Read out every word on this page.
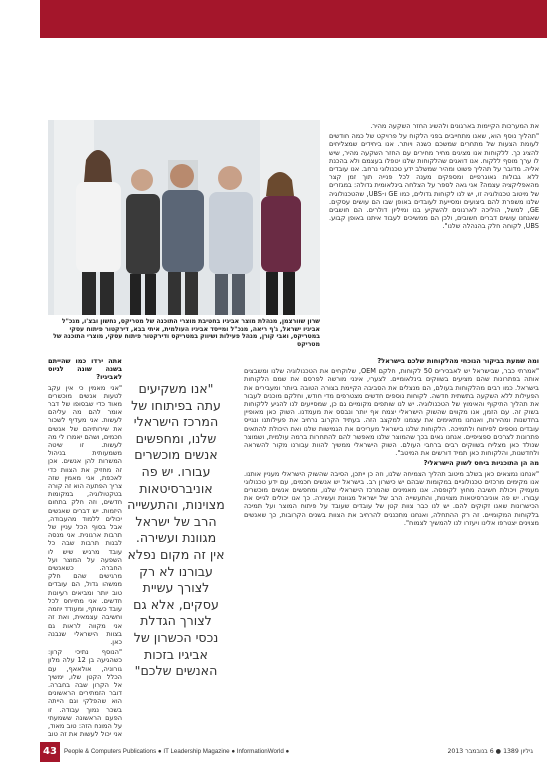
את המערכות הקיימות בארגונים ולהשיג החזר השקעה מהיר.

"תהליך נוסף הוא, שאנו מתחייבים בפני הלקוח על פרויקט של כמה חודשים לעומת הצעות של מתחרים שמשכם כשנה ויותר. אנו ביחידים שמצליחים להציג כך. ללקוחות אנו מציגים מחיר מחירים עם החזר השקעה מהיר, שיש לו ערך מוסף ללקוח. אנו דואגים שהלקוחות שלנו יטפלו בעצמם ולא בהכנת אליה. מדובר על תהליך פשוט ומהיר שמשלב ידע טכנולוגי נרחב. אנו עובדים ללא גבולות גאוגרפיים ומספקים מענה לכל פנייה תוך זמן קצר מהאפליקציה עצמה? אני גאה לספר על הצלחה בינלאומית גדולה: במגזרים של מיטוב טכנולוגיה זו, יש לנו לקוחות גדולים, כמו GE ו-UBS, שהטכנולוגיה שלנו משפרת להם ביצועים ומסייעת לעובדים באופן שבו הם עושים עסקים. GE, למשל, הוליכה לארגונים להשקיע בנו ומיליון דולרים. הם חושבים שאנחנו עושים דברים חשובים, ולכן הם ממשיכים לעבוד איתנו באופן קבוע. UBS, לקוחה חלק בהנהלה שלנו".

ומה שמעת בביקור הנוכחי מהלקוחות שלכם בישראל?

"אמרתי כבר, שבישראל יש לאבכירים 50 לקוחות, חלקם OEM, שלוקחים את הטכנולוגיה שלנו ומשבצים אותה בפתרונות שהם מציעים בשווקים בינלאומיים. לצערי, אינני מורשה לפרסם את שמם הלקוחות בישראל. כמו רבים מהלקוחות בעולם, הם מנצלים את הסביבה הקיימת בצורה הטובה ביותר ומעבירים את הפעילות ללא השקעה בתשתית חדשה. לקוחות נוספים חדשים מצטרפים מדי חודש, וחלקם מוכנים לעבור את תהליך התיקוף והאימוץ של הטכנולוגיה. יש לנו שותפים מקומיים גם כן, שמסייעים לנו להגיע ללקוחות בשוק זה. עם הזמן, אנו מקווים שהשוק הישראלי יצמח אף יותר ונבסס את מעמדנו. השוק כאן מאופיין בחדשנות ומהירות, ואנחנו מתאימים את עצמנו למקצב הזה. בעתיד הקרוב נרחיב את פעילותנו ונגייס עובדים נוספים לפיתוח ולתמיכה. הלקוחות שלנו בישראל מעריכים את הגמישות שלנו ואת היכולת להתאים פתרונות לצרכים ספציפיים. אנחנו גאים בכך שהמוצר שלנו מאפשר להם להתחרות ברמה עולמית, ושמוצר שנולד כאן מצליח בשווקים רבים ברחבי העולם. השוק הישראלי ממשיך להוות עבורנו מקור להשראה ולחדשנות, והלקוחות כאן תמיד דורשים את המיטב".

מה הן התוכניות ביחס לשוק הישראלי?

"אנחנו נמצאים כאן בשלב מיטוב תהליך הצמיחה שלנו, וזה כן ייתכן, הסיבה שהשוק הישראלי מעניין אותנו. אנו מקימים מרכזים טכנולוגיים במקומות שבהם יש כישרון רב. בישראל יש אנשים חכמים, עם ידע טכנולוגי מעמיק ויכולת חשיבה מחוץ לקופסה. אנו מאמינים שהמרכז הישראלי שלנו, ומחפשים אנשים מוכשרים עבורו. יש פה אוניברסיטאות מצוינות, והתעשייה הרב של ישראל מגוונת ועשירה. כך אנו יכולים לגייס את הכישרונות שאנו זקוקים להם. יש לנו כבר צוות קטן של עובדים שעובד על פיתוח המוצר ועל תמיכה בלקוחות המקומיים. זה רק ההתחלה, ואנחנו מתכננים להרחיב את הצוות בשנים הקרובות, כך שאנשים מצוינים יצטרפו אלינו ויעזרו לנו להמשיך לצמוח".

שרון שוורצמן, מנהלת מוצר אביגיו בחטיבת מוצרי התוכנה של מטריקס, נחשון ובצ'ו, מנכ"ל אביגיו ישראל, ג'ף ריאה, מנכ"ל ומייסד אביגיו העולמית, איתי בבא, דירקטור פיתוח עסקי במטריקס, ואבי קורן, מנהל פעילות ושיווק במטריקס ודירקטור פיתוח עסקי, מוצרי התוכנה של מטריקס
אתה ירדו כמו שהייתם בשנה שונה לגיוס לאביגיו?

"אני מאמין כי אין עקב לטעות אנשים מוכשרים מאוד כדי שבסופו של דבר אומר להם מה עליהם לעשות. אני מעדיף לשכור את שירותיהם של אנשים חכמים, ושהם יאמרו לי מה לעשות. זו שיטה משמעותית בניהול המשרות להן אנשים. אכן זה מחזיק את הצוות כדי לאכפת, אני מאמין שזה צריך הפתעה הוא זה קורה בטקטולוגיה, במקומות חדשים, וזה חלק בתחום היזמות. יש דברים שאנשים יכולים ללמוד מהעבודה, אבל בסוף הכל עניין של תרבות ארגונית. אני מנסה לבנות תרבות שבה כל עובד מרגיש שיש לו השפעה על המוצר ועל החברה. כשאנשים מרגישים שהם חלק ממשהו גדול, הם עובדים טוב יותר ומביאים רעיונות חדשים. אני מתייחס לכל עובד כשותף, ומעודד יוזמה וחשיבה עצמאית, ואת זה אני מקווה לראות גם בצוות הישראלי שנבנה כאן.

"הנוסף נתיכי קרון: כשהגיעה בן 12 עלה מלון גורוניה, אולאאף, עם הכלל הקטן שלו, ימשיך אל הקרון שבה בחברה. דובר הזמתירים הראשונים הוא שהפלקי וגם הייתה בשכר נמוך עבודה. זו הפעם הראשונה ששמעתי על המונח הזה: טוב מאוד, אני יכול לעשות את זה טוב

"אנו משקיעים עתה בפיתוחו של המרכז הישראלי שלנו, ומחפשים אנשים מוכשרים עבורו. יש פה אוניברסיטאות מצוינות, והתעשייה הרב של ישראל מגוונת ועשירה. אין זה מקום נפלא עבורנו לא רק לצורך עשיית עסקים, אלא גם לצורך הגדלת נכסי הכשרון של אביגיו בזכות האנשים שלכם"
43	People & Computers Publications ● IT Leadership Magazine ● InformationWorld ●	גיליון 1389 ● 6 בנובמבר 2013
